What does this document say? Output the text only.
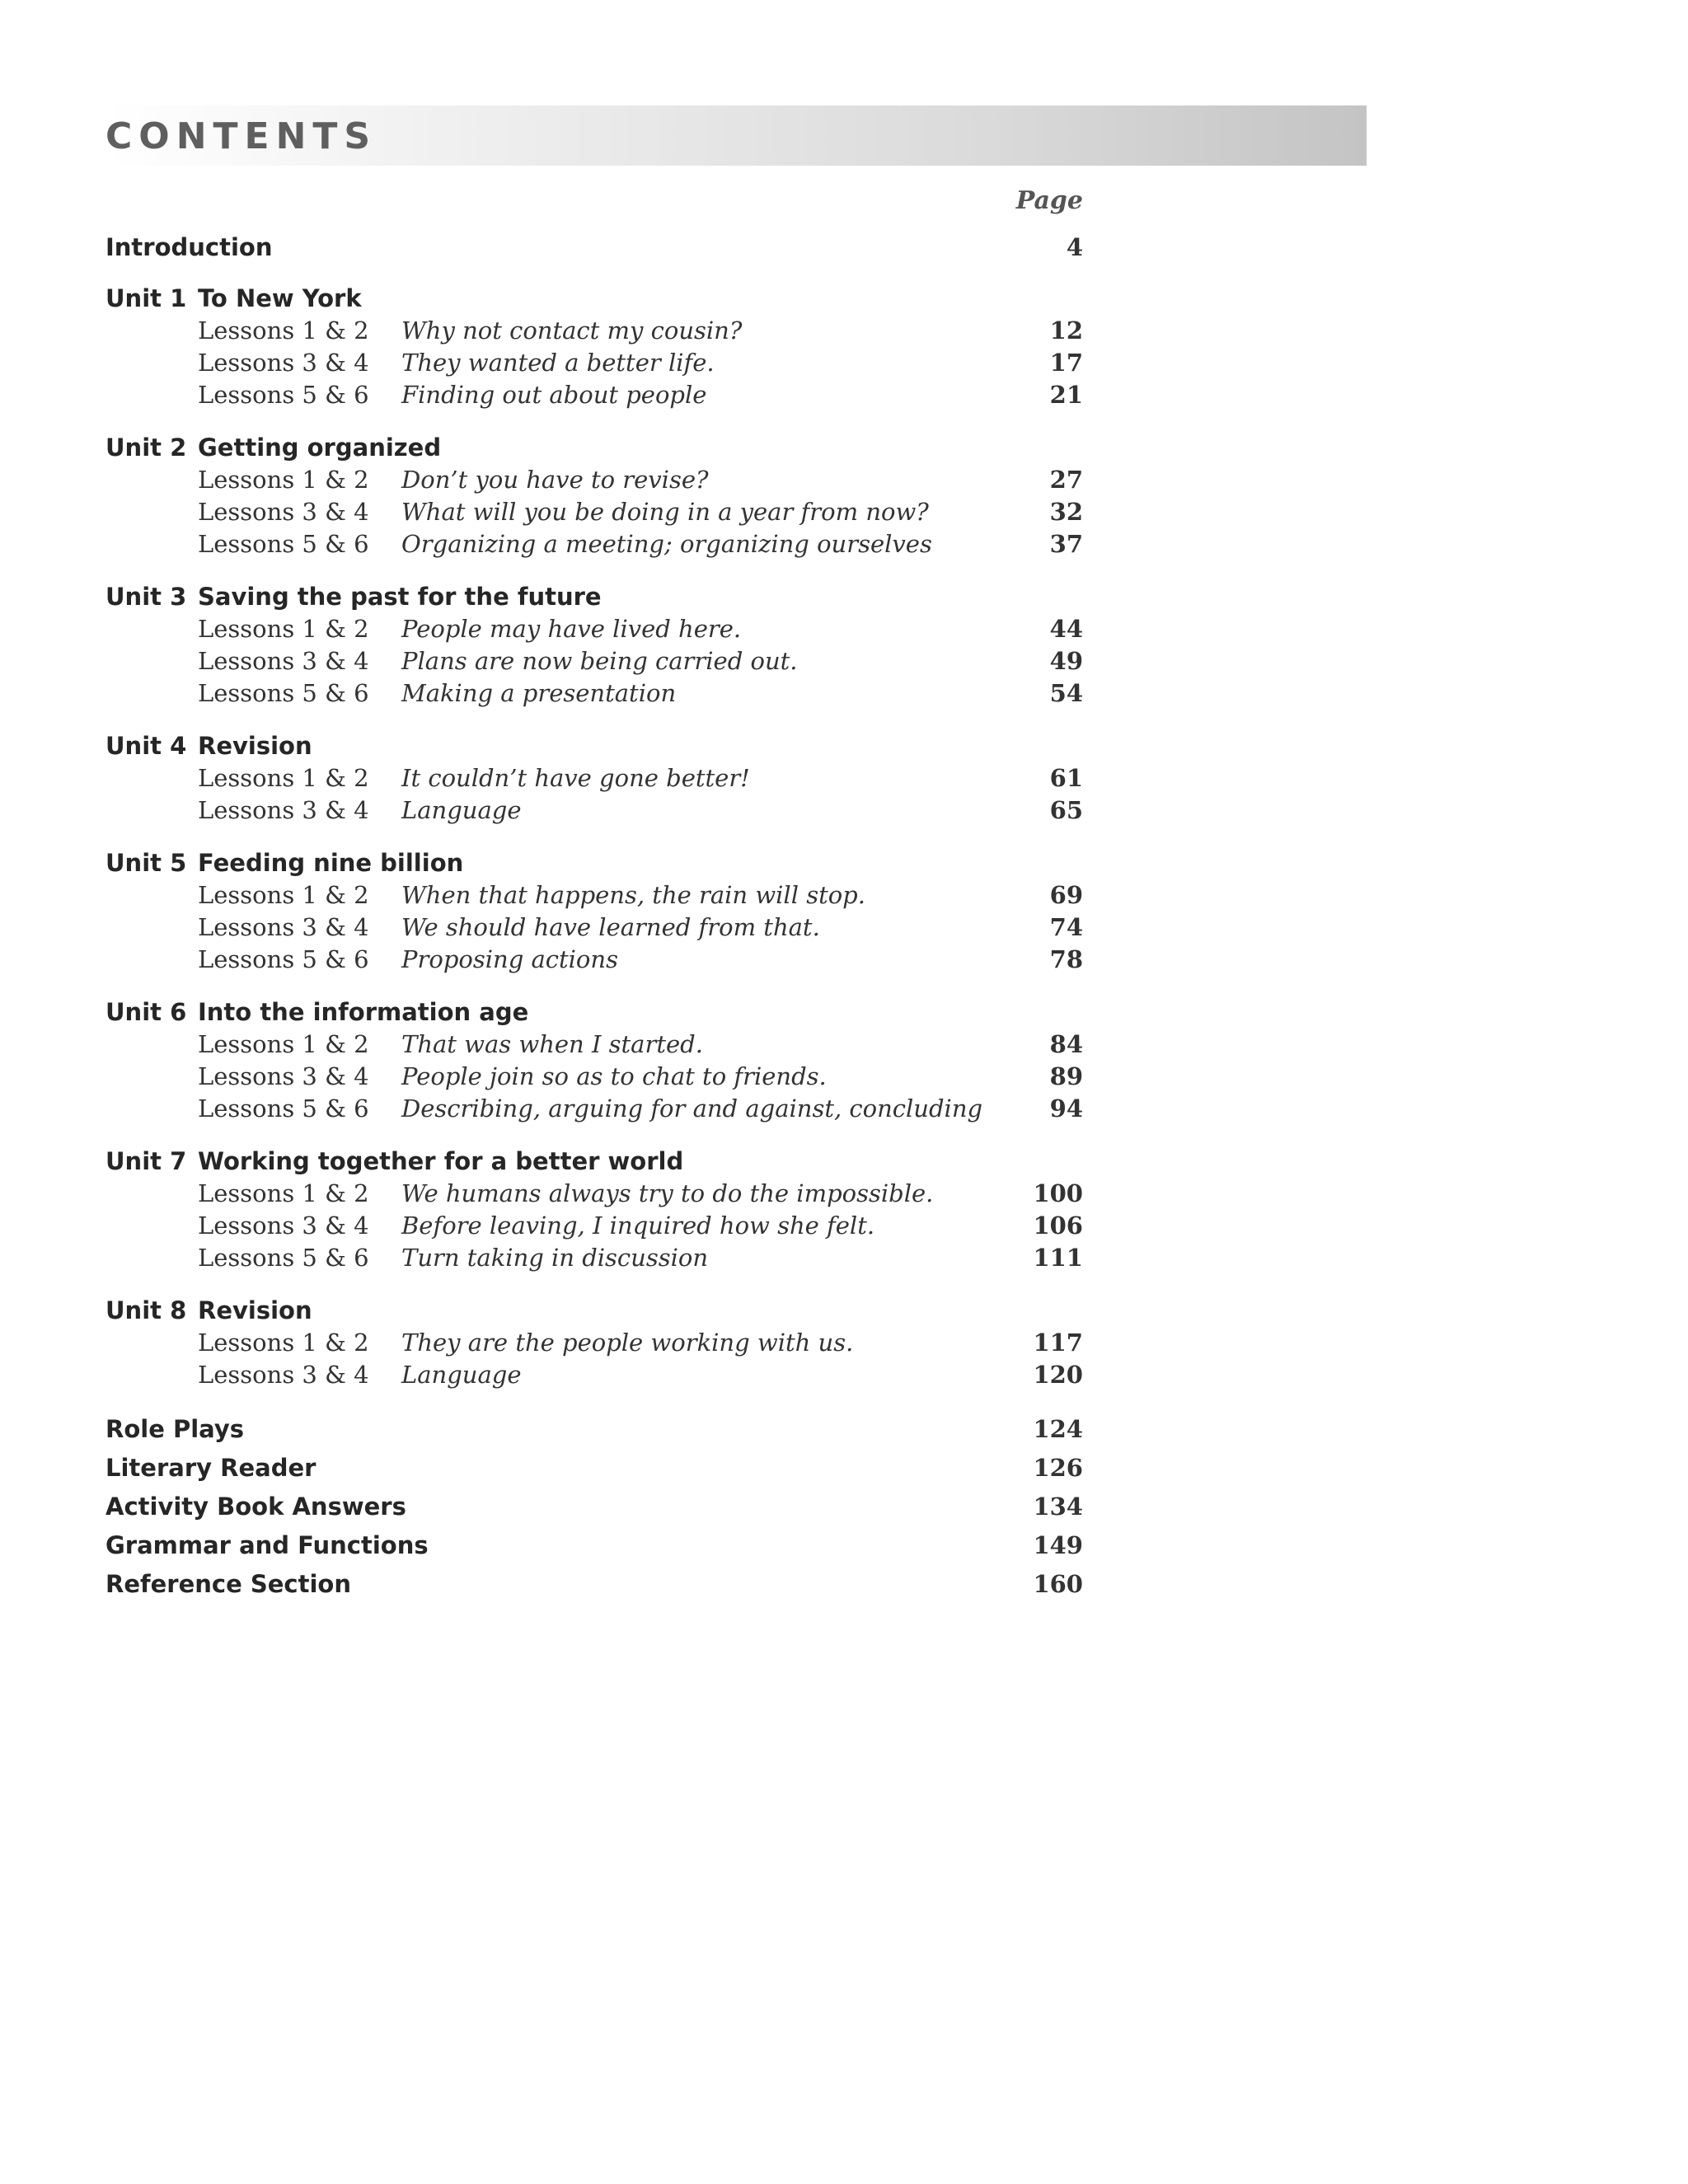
CONTENTS
Page
Introduction	4
Unit 1 To New York
Lessons 1 & 2 Why not contact my cousin?	12
Lessons 3 & 4 They wanted a better life.	17
Lessons 5 & 6 Finding out about people	21
Unit 2 Getting organized
Lessons 1 & 2 Don’t you have to revise?	27
Lessons 3 & 4 What will you be doing in a year from now?	32
Lessons 5 & 6 Organizing a meeting; organizing ourselves	37
Unit 3 Saving the past for the future
Lessons 1 & 2 People may have lived here.	44
Lessons 3 & 4 Plans are now being carried out.	49
Lessons 5 & 6 Making a presentation	54
Unit 4 Revision
Lessons 1 & 2 It couldn’t have gone better!	61
Lessons 3 & 4 Language	65
Unit 5 Feeding nine billion
Lessons 1 & 2 When that happens, the rain will stop.	69
Lessons 3 & 4 We should have learned from that.	74
Lessons 5 & 6 Proposing actions	78
Unit 6 Into the information age
Lessons 1 & 2 That was when I started.	84
Lessons 3 & 4 People join so as to chat to friends.	89
Lessons 5 & 6 Describing, arguing for and against, concluding	94
Unit 7 Working together for a better world
Lessons 1 & 2 We humans always try to do the impossible.	100
Lessons 3 & 4 Before leaving, I inquired how she felt.	106
Lessons 5 & 6 Turn taking in discussion	111
Unit 8 Revision
Lessons 1 & 2 They are the people working with us.	117
Lessons 3 & 4 Language	120
Role Plays	124
Literary Reader	126
Activity Book Answers	134
Grammar and Functions	149
Reference Section	160
